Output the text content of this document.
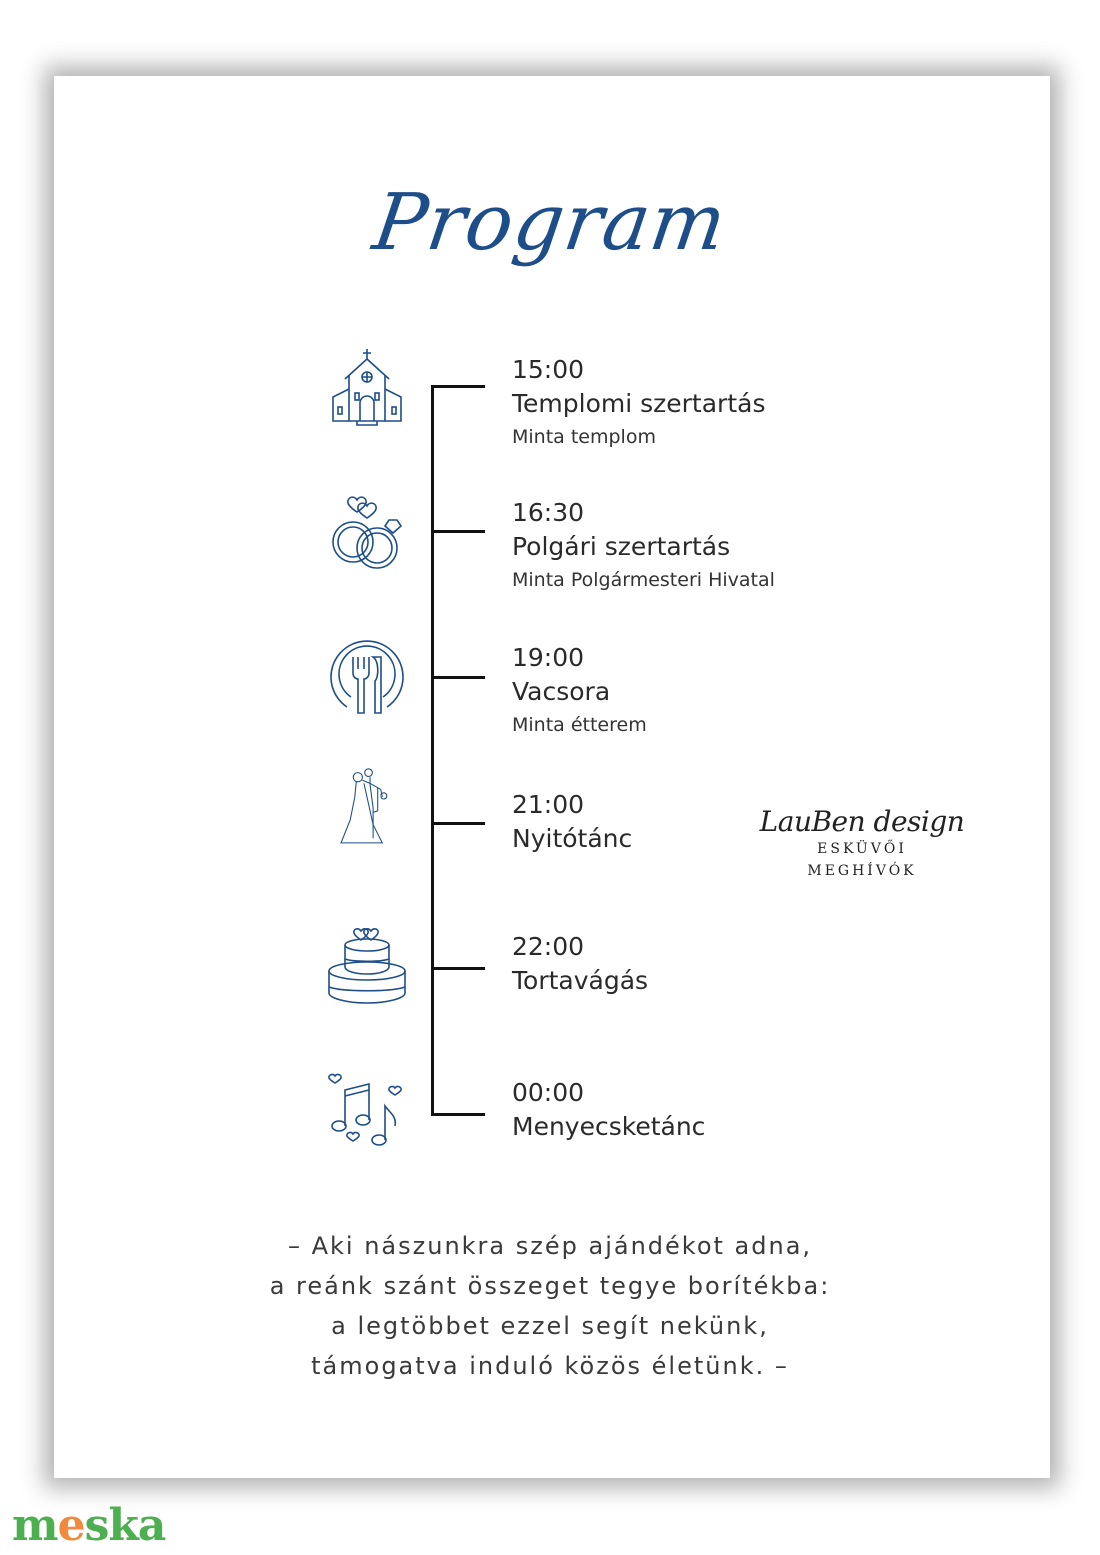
Program
15:00
Templomi szertartás
Minta templom
16:30
Polgári szertartás
Minta Polgármesteri Hivatal
19:00
Vacsora
Minta étterem
21:00
Nyitótánc
22:00
Tortavágás
00:00
Menyecsketánc
LauBen design
ESKÜVŐI
MEGHÍVÓK
– Aki nászunkra szép ajándékot adna,
a reánk szánt összeget tegye borítékba:
a legtöbbet ezzel segít nekünk,
támogatva induló közös életünk. –
meska
